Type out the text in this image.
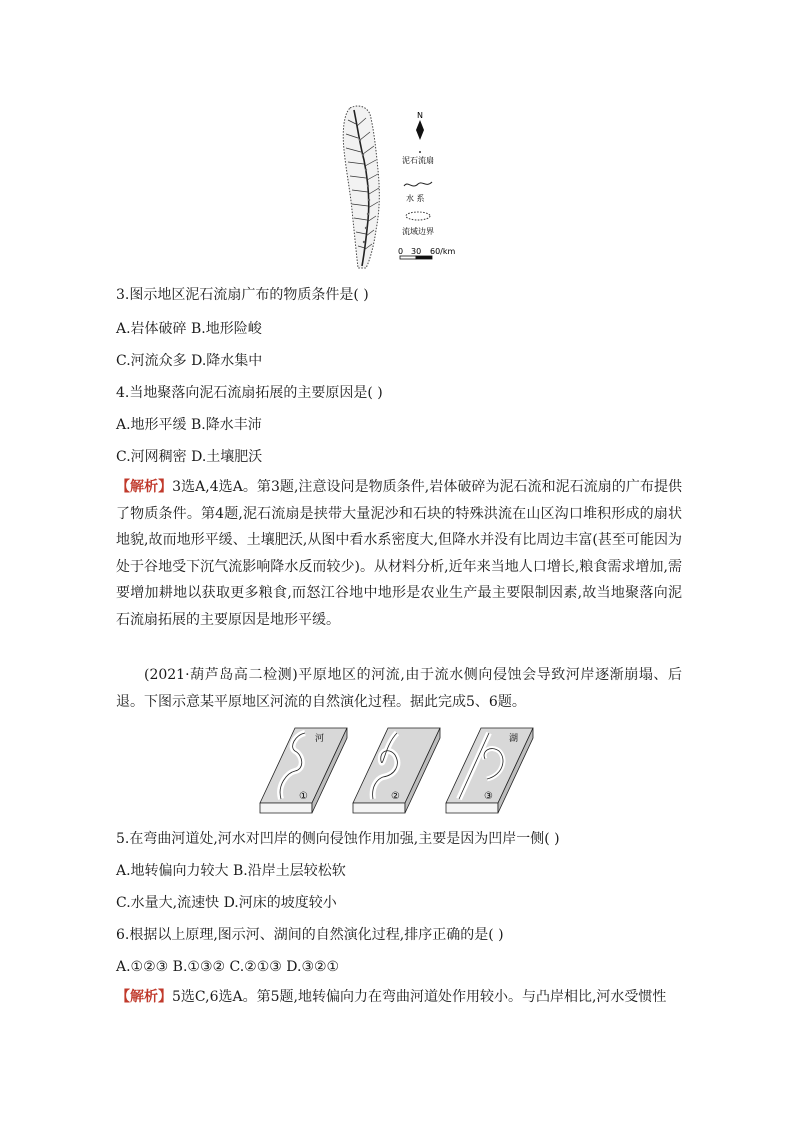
N
泥石流扇
水 系
流域边界
0 30 60/km
3.图示地区泥石流扇广布的物质条件是( )
A.岩体破碎 B.地形险峻
C.河流众多 D.降水集中
4.当地聚落向泥石流扇拓展的主要原因是( )
A.地形平缓 B.降水丰沛
C.河网稠密 D.土壤肥沃
【解析】3选A,4选A。第3题,注意设问是物质条件,岩体破碎为泥石流和泥石流扇的广布提供了物质条件。第4题,泥石流扇是挟带大量泥沙和石块的特殊洪流在山区沟口堆积形成的扇状地貌,故而地形平缓、土壤肥沃,从图中看水系密度大,但降水并没有比周边丰富(甚至可能因为处于谷地受下沉气流影响降水反而较少)。从材料分析,近年来当地人口增长,粮食需求增加,需要增加耕地以获取更多粮食,而怒江谷地中地形是农业生产最主要限制因素,故当地聚落向泥石流扇拓展的主要原因是地形平缓。
(2021·葫芦岛高二检测)平原地区的河流,由于流水侧向侵蚀会导致河岸逐渐崩塌、后退。下图示意某平原地区河流的自然演化过程。据此完成5、6题。
河
①	②
湖
③
5.在弯曲河道处,河水对凹岸的侧向侵蚀作用加强,主要是因为凹岸一侧( )
A.地转偏向力较大 B.沿岸土层较松软
C.水量大,流速快 D.河床的坡度较小
6.根据以上原理,图示河、湖间的自然演化过程,排序正确的是( )
A.①②③ B.①③② C.②①③ D.③②①
【解析】5选C,6选A。第5题,地转偏向力在弯曲河道处作用较小。与凸岸相比,河水受惯性
